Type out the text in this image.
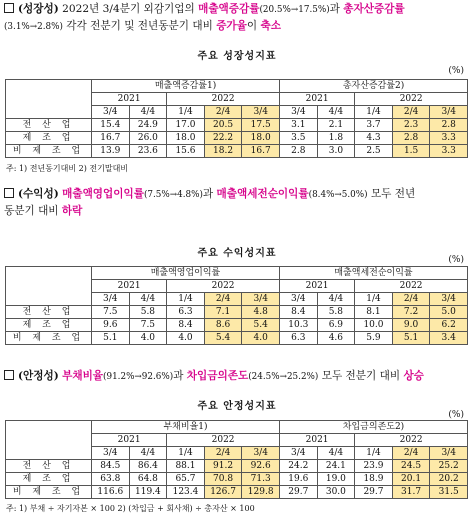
(성장성) 2022년 3/4분기 외감기업의 매출액증감률(20.5%→17.5%)과 총자산증감률
(3.1%→2.8%) 각각 전분기 및 전년동분기 대비 증가율이 축소
주요 성장성지표
(%)
	매출액증감률1)					총자산증감률2)				
	2021		2022			2021		2022		
	3/4	4/4	1/4	2/4	3/4	3/4	4/4	1/4	2/4	3/4
전 산 업	15.4	24.9	17.0	20.5	17.5	3.1	2.1	3.7	2.3	2.8
제 조 업	16.7	26.0	18.0	22.2	18.0	3.5	1.8	4.3	2.8	3.3
비 제 조 업	13.9	23.6	15.6	18.2	16.7	2.8	3.0	2.5	1.5	3.3
주: 1) 전년동기대비 2) 전기말대비
(수익성) 매출액영업이익률(7.5%→4.8%)과 매출액세전순이익률(8.4%→5.0%) 모두 전년
동분기 대비 하락
주요 수익성지표
(%)
	매출액영업이익률					매출액세전순이익률				
	2021		2022			2021		2022		
	3/4	4/4	1/4	2/4	3/4	3/4	4/4	1/4	2/4	3/4
전 산 업	7.5	5.8	6.3	7.1	4.8	8.4	5.8	8.1	7.2	5.0
제 조 업	9.6	7.5	8.4	8.6	5.4	10.3	6.9	10.0	9.0	6.2
비 제 조 업	5.1	4.0	4.0	5.4	4.0	6.3	4.6	5.9	5.1	3.4
(안정성) 부채비율(91.2%→92.6%)과 차입금의존도(24.5%→25.2%) 모두 전분기 대비 상승
주요 안정성지표
(%)
	부채비율1)					차입금의존도2)				
	2021		2022			2021		2022		
	3/4	4/4	1/4	2/4	3/4	3/4	4/4	1/4	2/4	3/4
전 산 업	84.5	86.4	88.1	91.2	92.6	24.2	24.1	23.9	24.5	25.2
제 조 업	63.8	64.8	65.7	70.8	71.3	19.6	19.0	18.9	20.1	20.2
비 제 조 업	116.6	119.4	123.4	126.7	129.8	29.7	30.0	29.7	31.7	31.5
주: 1) 부채 ÷ 자기자본 × 100 2) (차입금 + 회사채) ÷ 총자산 × 100
